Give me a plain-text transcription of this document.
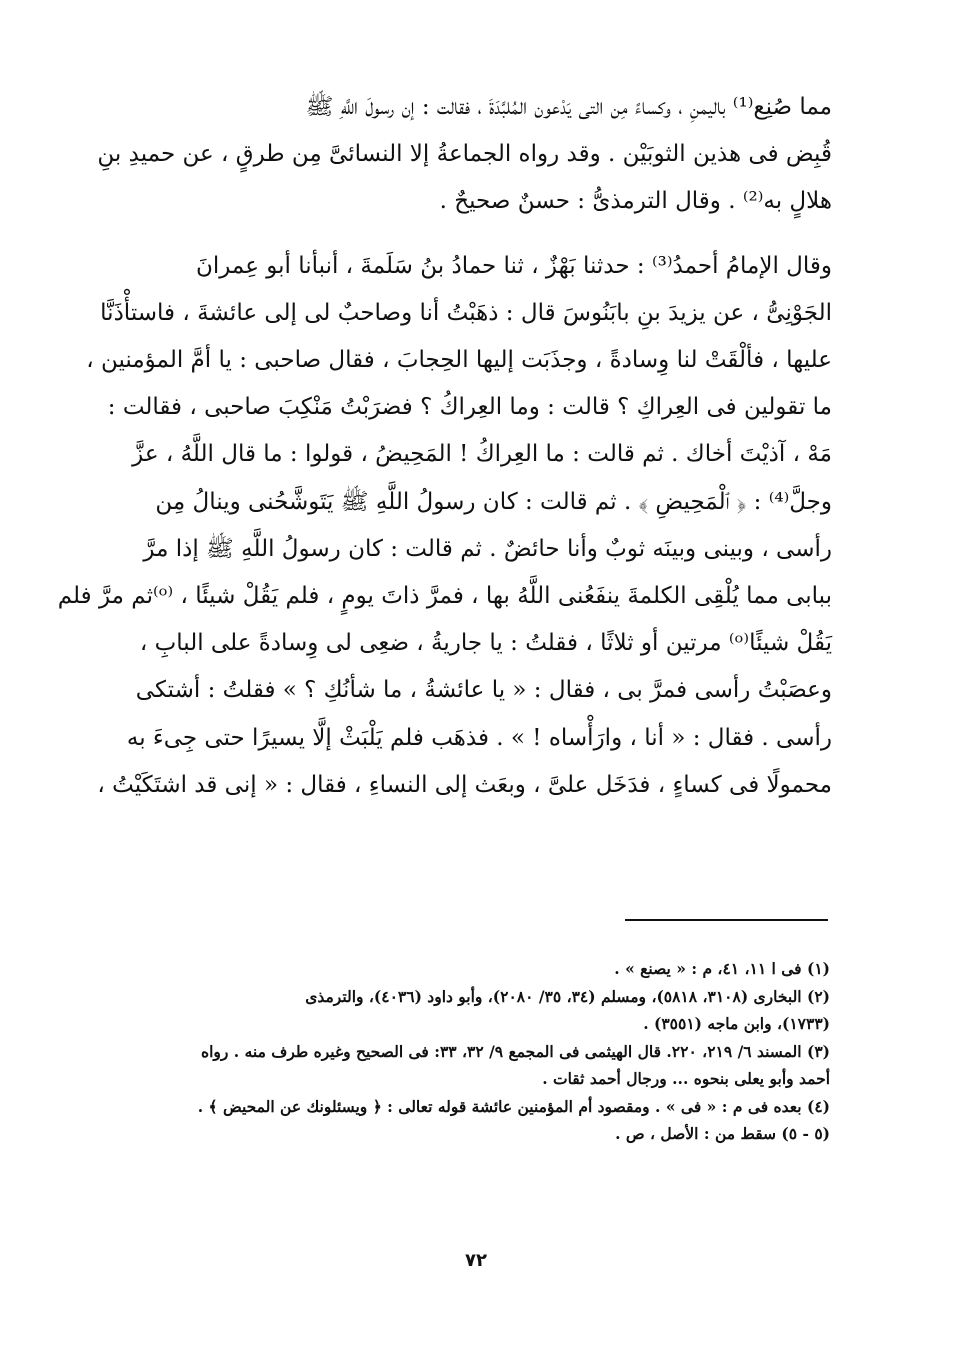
مما صُنِع⁽¹⁾ باليمنِ ، وكساءً مِن التى يَدْعون المُلبَّدَةَ ، فقالت : إن رسولَ اللَّهِ ﷺ
قُبِض فى هذين الثوبَيْن . وقد رواه الجماعةُ إلا النسائىَّ مِن طرقٍ ، عن حميدِ بنِ
هلالٍ به⁽²⁾ . وقال الترمذىُّ : حسنٌ صحيحٌ .

وقال الإمامُ أحمدُ⁽³⁾ : حدثنا بَهْزٌ ، ثنا حمادُ بنُ سَلَمةَ ، أنبأنا أبو عِمرانَ
الجَوْنِىُّ ، عن يزيدَ بنِ بابَنُوسَ قال : ذهَبْتُ أنا وصاحبٌ لى إلى عائشةَ ، فاستأْذَنَّا
عليها ، فألْقَتْ لنا وِسادةً ، وجذَبَت إليها الحِجابَ ، فقال صاحبى : يا أمَّ المؤمنين ،
ما تقولين فى العِراكِ ؟ قالت : وما العِراكُ ؟ فضرَبْتُ مَنْكِبَ صاحبى ، فقالت :
مَهْ ، آذيْتَ أخاك . ثم قالت : ما العِراكُ ! المَحِيضُ ، قولوا : ما قال اللَّهُ ، عزَّ
وجلَّ⁽⁴⁾ : ﴿ ٱلْمَحِيضِ ﴾ . ثم قالت : كان رسولُ اللَّهِ ﷺ يَتَوشَّحُنى وينالُ مِن
رأسى ، وبينى وبينَه ثوبٌ وأنا حائضٌ . ثم قالت : كان رسولُ اللَّهِ ﷺ إذا مرَّ
ببابى مما يُلْقِى الكلمةَ ينفَعُنى اللَّهُ بها ، فمرَّ ذاتَ يومٍ ، فلم يَقُلْ شيئًا ، ⁽ᵒ⁾ثم مرَّ فلم
يَقُلْ شيئًا⁽ᵒ⁾ مرتين أو ثلاثًا ، فقلتُ : يا جاريةُ ، ضعِى لى وِسادةً على البابِ ،
وعصَبْتُ رأسى فمرَّ بى ، فقال : « يا عائشةُ ، ما شأنُكِ ؟ » فقلتُ : أشتكى
رأسى . فقال : « أنا ، وارَأْساه ! » . فذهَب فلم يَلْبَثْ إلَّا يسيرًا حتى جِىءَ به
محمولًا فى كساءٍ ، فدَخَل علىَّ ، وبعَث إلى النساءِ ، فقال : « إنى قد اشتَكَيْتُ ،

(١) فى ا ١١، ٤١، م : « يصنع » .
(٢) البخارى (٣١٠٨، ٥٨١٨)، ومسلم (٣٤، ٣٥/ ٢٠٨٠)، وأبو داود (٤٠٣٦)، والترمذى
(١٧٣٣)، وابن ماجه (٣٥٥١) .
(٣) المسند ٦/ ٢١٩، ٢٢٠. قال الهيثمى فى المجمع ٩/ ٣٢، ٣٣: فى الصحيح وغيره طرف منه . رواه
أحمد وأبو يعلى بنحوه ... ورجال أحمد ثقات .
(٤) بعده فى م : « فى » . ومقصود أم المؤمنين عائشة قوله تعالى : ﴿ ويسئلونك عن المحيض ﴾ .
(٥ - ٥) سقط من : الأصل ، ص .
٧٢
